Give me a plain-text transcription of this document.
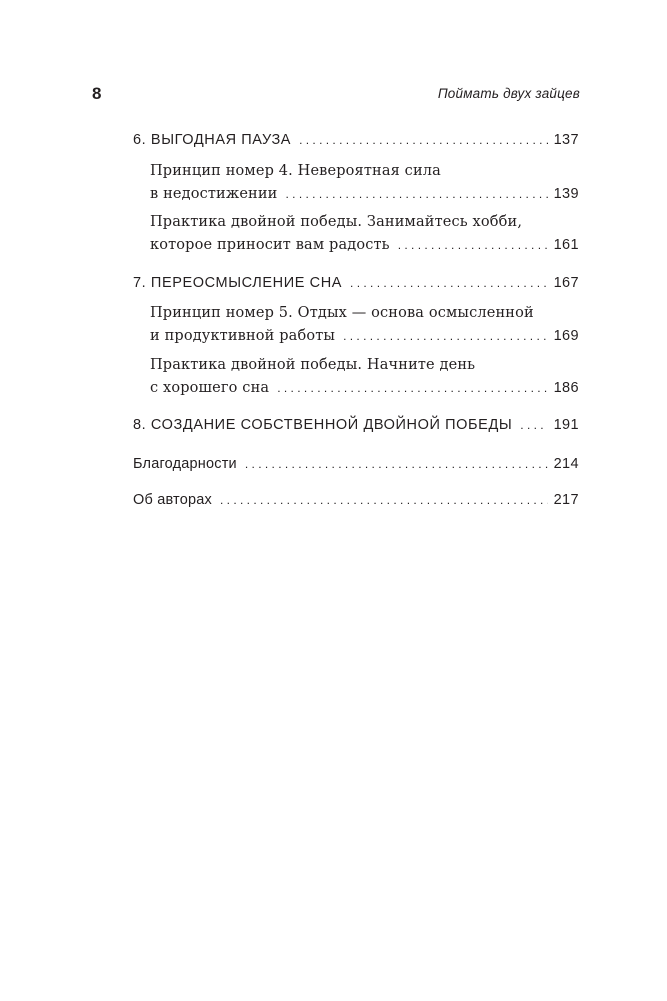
8	Поймать двух зайцев
6. ВЫГОДНАЯ ПАУЗА . . .	137
Принцип номер 4. Невероятная сила
в недостижении . . .	139
Практика двойной победы. Занимайтесь хобби,
которое приносит вам радость . . .	161
7. ПЕРЕОСМЫСЛЕНИЕ СНА . . .	167
Принцип номер 5. Отдых — основа осмысленной
и продуктивной работы . . .	169
Практика двойной победы. Начните день
с хорошего сна . . .	186
8. СОЗДАНИЕ СОБСТВЕННОЙ ДВОЙНОЙ ПОБЕДЫ . . .	191
Благодарности . . .	214
Об авторах . . .	217
